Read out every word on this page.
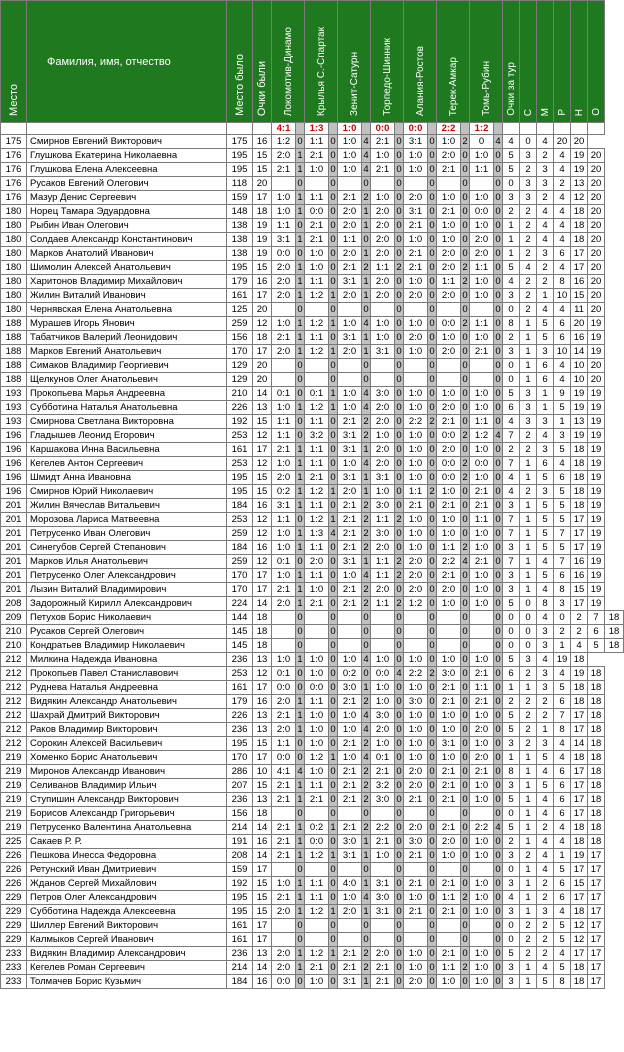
Место	Фамилия, имя, отчество	Место было	Очки были	Локомотив-Динамо		Крылья С.-Спартак		Зенит-Сатурн		Торпедо-Шинник		Алания-Ростов		Терек-Амкар		Томь-Рубин		Очки за тур	С	М	Р	Н	О	
				4:1		1:3		1:0		0:0		0:0		2:2		1:2								
175	Смирнов Евгений Викторович	175	16	1:2	0	1:1	0	1:0	4	2:1	0	3:1	0	1:0	2	0	4	4	0	4	20	20		
176	Глушкова Екатерина Николаевна	195	15	2:0	1	2:1	0	1:0	4	1:0	0	1:0	0	2:0	0	1:0	0	5	3	2	4	19	20	
176	Глушкова Елена Алексеевна	195	15	2:1	1	1:0	0	1:0	4	2:1	0	1:0	0	2:1	0	1:1	0	5	2	3	4	19	20	
176	Русаков Евгений Олегович	118	20		0		0		0		0		0		0		0	0	3	3	2	13	20	
176	Мазур Денис Сергеевич	159	17	1:0	1	1:1	0	2:1	2	1:0	0	2:0	0	1:0	0	1:0	0	3	3	2	4	12	20	
180	Норец Тамара Эдуардовна	148	18	1:0	1	0:0	0	2:0	1	2:0	0	3:1	0	2:1	0	0:0	0	2	2	4	4	18	20	
180	Рыбин Иван Олегович	138	19	1:1	0	2:1	0	2:0	1	2:0	0	2:1	0	1:0	0	1:0	0	1	2	4	4	18	20	
180	Солдаев Александр Константинович	138	19	3:1	1	2:1	0	1:1	0	2:0	0	1:0	0	1:0	0	2:0	0	1	2	4	4	18	20	
180	Марков Анатолий Иванович	138	19	0:0	0	1:0	0	2:0	1	2:0	0	2:1	0	2:0	0	2:0	0	1	2	3	6	17	20	
180	Шимолин Алексей Анатольевич	195	15	2:0	1	1:0	0	2:1	2	1:1	2	2:1	0	2:0	2	1:1	0	5	4	2	4	17	20	
180	Харитонов Владимир Михайлович	179	16	2:0	1	1:1	0	3:1	1	2:0	0	1:0	0	1:1	2	1:0	0	4	2	2	8	16	20	
180	Жилин Виталий Иванович	161	17	2:0	1	1:2	1	2:0	1	2:0	0	2:0	0	2:0	0	1:0	0	3	2	1	10	15	20	
180	Чернявская Елена Анатольевна	125	20		0		0		0		0		0		0		0	0	2	4	4	11	20	
188	Мурашев Игорь Янович	259	12	1:0	1	1:2	1	1:0	4	1:0	0	1:0	0	0:0	2	1:1	0	8	1	5	6	20	19	
188	Табатчиков Валерий Леонидович	156	18	2:1	1	1:1	0	3:1	1	1:0	0	2:0	0	1:0	0	1:0	0	2	1	5	6	16	19	
188	Марков Евгений Анатольевич	170	17	2:0	1	1:2	1	2:0	1	3:1	0	1:0	0	2:0	0	2:1	0	3	1	3	10	14	19	
188	Симаков Владимир Георгиевич	129	20		0		0		0		0		0		0		0	0	1	6	4	10	20	
188	Щелкунов Олег Анатольевич	129	20		0		0		0		0		0		0		0	0	1	6	4	10	20	
193	Прокопьева Марья Андреевна	210	14	0:1	0	0:1	1	1:0	4	3:0	0	1:0	0	1:0	0	1:0	0	5	3	1	9	19	19	
193	Субботина Наталья Анатольевна	226	13	1:0	1	1:2	1	1:0	4	2:0	0	1:0	0	2:0	0	1:0	0	6	3	1	5	19	19	
193	Смирнова Светлана Викторовна	192	15	1:1	0	1:1	0	2:1	2	2:0	0	2:2	2	2:1	0	1:1	0	4	3	3	1	13	19	
196	Гладышев Леонид Егорович	253	12	1:1	0	3:2	0	3:1	2	1:0	0	1:0	0	0:0	2	1:2	4	7	2	4	3	19	19	
196	Каршакова Инна Васильевна	161	17	2:1	1	1:1	0	3:1	1	2:0	0	1:0	0	2:0	0	1:0	0	2	2	3	5	18	19	
196	Кегелев Антон Сергеевич	253	12	1:0	1	1:1	0	1:0	4	2:0	0	1:0	0	0:0	2	0:0	0	7	1	6	4	18	19	
196	Шмидт Анна Ивановна	195	15	2:0	1	2:1	0	3:1	1	3:1	0	1:0	0	0:0	2	1:0	0	4	1	5	6	18	19	
196	Смирнов Юрий Николаевич	195	15	0:2	1	1:2	1	2:0	1	1:0	0	1:1	2	1:0	0	2:1	0	4	2	3	5	18	19	
201	Жилин Вячеслав Витальевич	184	16	3:1	1	1:1	0	2:1	2	3:0	0	2:1	0	2:1	0	2:1	0	3	1	5	5	18	19	
201	Морозова Лариса Матвеевна	253	12	1:1	0	1:2	1	2:1	2	1:1	2	1:0	0	1:0	0	1:1	0	7	1	5	5	17	19	
201	Петрусенко Иван Олегович	259	12	1:0	1	1:3	4	2:1	2	3:0	0	1:0	0	1:0	0	1:0	0	7	1	5	7	17	19	
201	Синегубов Сергей Степанович	184	16	1:0	1	1:1	0	2:1	2	2:0	0	1:0	0	1:1	2	1:0	0	3	1	5	5	17	19	
201	Марков Илья Анатольевич	259	12	0:1	0	2:0	0	3:1	1	1:1	2	2:0	0	2:2	4	2:1	0	7	1	4	7	16	19	
201	Петрусенко Олег Александрович	170	17	1:0	1	1:1	0	1:0	4	1:1	2	2:0	0	2:1	0	1:0	0	3	1	5	6	16	19	
201	Лызин Виталий Владимирович	170	17	2:1	1	1:0	0	2:1	2	2:0	0	2:0	0	2:0	0	1:0	0	3	1	4	8	15	19	
208	Задорожный Кирилл Александрович	224	14	2:0	1	2:1	0	2:1	2	1:1	2	1:2	0	1:0	0	1:0	0	5	0	8	3	17	19	
209	Петухов Борис Николаевич	144	18		0		0		0		0		0		0		0	0	0	4	0	2	7	18
210	Русаков Сергей Олегович	145	18		0		0		0		0		0		0		0	0	0	3	2	2	6	18
210	Кондратьев Владимир Николаевич	145	18		0		0		0		0		0		0		0	0	0	3	1	4	5	18
212	Милкина Надежда Ивановна	236	13	1:0	1	1:0	0	1:0	4	1:0	0	1:0	0	1:0	0	1:0	0	5	3	4	19	18		
212	Прокопьев Павел Станиславович	253	12	0:1	0	1:0	0	0:2	0	0:0	4	2:2	2	3:0	0	2:1	0	6	2	3	4	19	18	
212	Руднева Наталья Андреевна	161	17	0:0	0	0:0	0	3:0	1	1:0	0	1:0	0	2:1	0	1:1	0	1	1	3	5	18	18	
212	Видякин Александр Анатольевич	179	16	2:0	1	1:1	0	2:1	2	1:0	0	3:0	0	2:1	0	2:1	0	2	2	2	6	18	18	
212	Шахрай Дмитрий Викторович	226	13	2:1	1	1:0	0	1:0	4	3:0	0	1:0	0	1:0	0	1:0	0	5	2	2	7	17	18	
212	Раков Владимир Викторович	236	13	2:0	1	1:0	0	1:0	4	2:0	0	1:0	0	1:0	0	2:0	0	5	2	1	8	17	18	
212	Сорокин Алексей Васильевич	195	15	1:1	0	1:0	0	2:1	2	1:0	0	1:0	0	3:1	0	1:0	0	3	2	3	4	14	18	
219	Хоменко Борис Анатольевич	170	17	0:0	0	1:2	1	1:0	4	0:1	0	1:0	0	1:0	0	2:0	0	1	1	5	4	18	18	
219	Миронов Александр Иванович	286	10	4:1	4	1:0	0	2:1	2	2:1	0	2:0	0	2:1	0	2:1	0	8	1	4	6	17	18	
219	Селиванов Владимир Ильич	207	15	2:1	1	1:1	0	2:1	2	3:2	0	2:0	0	2:1	0	1:0	0	3	1	5	6	17	18	
219	Ступишин Александр Викторович	236	13	2:1	1	2:1	0	2:1	2	3:0	0	2:1	0	2:1	0	1:0	0	5	1	4	6	17	18	
219	Борисов Александр Григорьевич	156	18		0		0		0		0		0		0		0	0	1	4	6	17	18	
219	Петрусенко Валентина Анатольевна	214	14	2:1	1	0:2	1	2:1	2	2:2	0	2:0	0	2:1	0	2:2	4	5	1	2	4	18	18	
225	Сакаев Р. Р.	191	16	2:1	1	0:0	0	3:0	1	2:1	0	3:0	0	2:0	0	1:0	0	2	1	4	4	18	18	
226	Пешкова Инесса Федоровна	208	14	2:1	1	1:2	1	3:1	1	1:0	0	2:1	0	1:0	0	1:0	0	3	2	4	1	19	17	
226	Ретунский Иван Дмитриевич	159	17		0		0		0		0		0		0		0	0	1	4	5	17	17	
226	Жданов Сергей Михайлович	192	15	1:0	1	1:1	0	4:0	1	3:1	0	2:1	0	2:1	0	1:0	0	3	1	2	6	15	17	
229	Петров Олег Александрович	195	15	2:1	1	1:1	0	1:0	4	3:0	0	1:0	0	1:1	2	1:0	0	4	1	2	6	17	17	
229	Субботина Надежда Алексеевна	195	15	2:0	1	1:2	1	2:0	1	3:1	0	2:1	0	2:1	0	1:0	0	3	1	3	4	18	17	
229	Шиллер Евгений Викторович	161	17		0		0		0		0		0		0		0	0	2	2	5	12	17	
229	Калмыков Сергей Иванович	161	17		0		0		0		0		0		0		0	0	2	2	5	12	17	
233	Видякин Владимир Александрович	236	13	2:0	1	1:2	1	2:1	2	2:0	0	1:0	0	2:1	0	1:0	0	5	2	2	4	17	17	
233	Кегелев Роман Сергеевич	214	14	2:0	1	2:1	0	2:1	2	2:1	0	1:0	0	1:1	2	1:0	0	3	1	4	5	18	17	
233	Толмачев Борис Кузьмич	184	16	0:0	0	1:0	0	3:1	1	2:1	0	2:0	0	1:0	0	1:0	0	3	1	5	8	18	17	
